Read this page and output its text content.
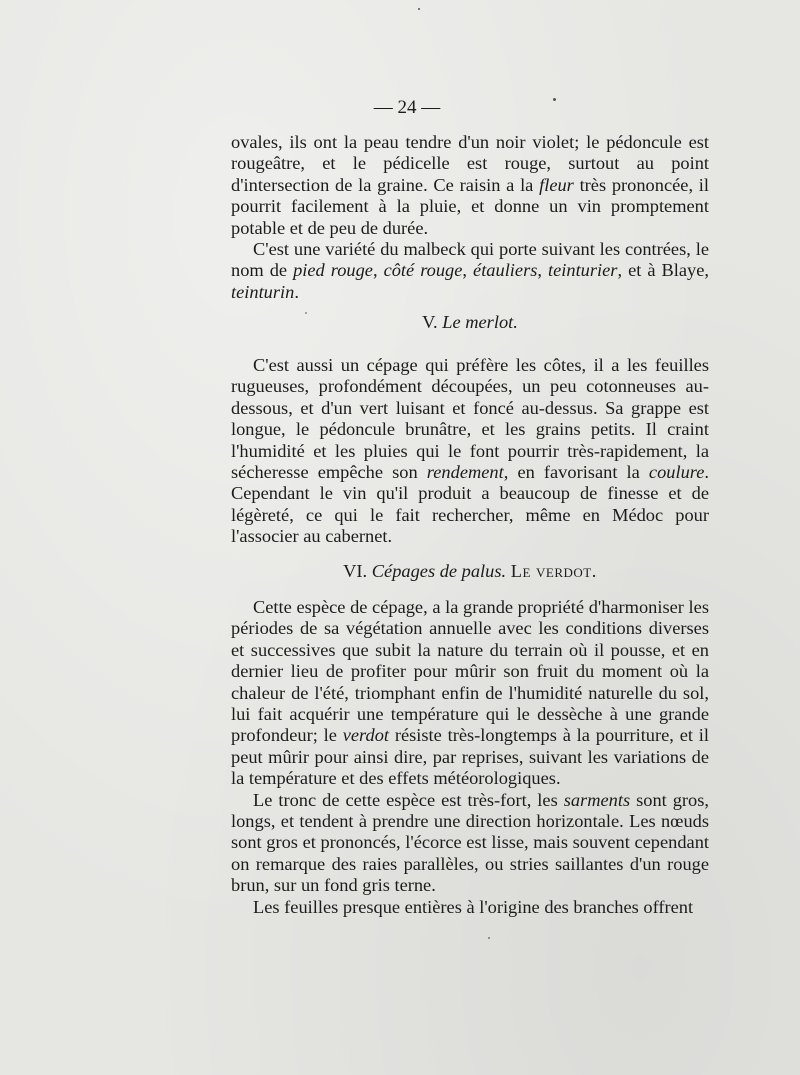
— 24 —

ovales, ils ont la peau tendre d'un noir violet; le pédoncule est rougeâtre, et le pédicelle est rouge, surtout au point d'intersection de la graine. Ce raisin a la fleur très prononcée, il pourrit facilement à la pluie, et donne un vin promptement potable et de peu de durée.

C'est une variété du malbeck qui porte suivant les contrées, le nom de pied rouge, côté rouge, étauliers, teinturier, et à Blaye, teinturin.

V. Le merlot.

C'est aussi un cépage qui préfère les côtes, il a les feuilles rugueuses, profondément découpées, un peu cotonneuses au-dessous, et d'un vert luisant et foncé au-dessus. Sa grappe est longue, le pédoncule brunâtre, et les grains petits. Il craint l'humidité et les pluies qui le font pourrir très-rapidement, la sécheresse empêche son rendement, en favorisant la coulure. Cependant le vin qu'il produit a beaucoup de finesse et de légèreté, ce qui le fait rechercher, même en Médoc pour l'associer au cabernet.

VI. Cépages de palus. Le verdot.

Cette espèce de cépage, a la grande propriété d'harmoniser les périodes de sa végétation annuelle avec les conditions diverses et successives que subit la nature du terrain où il pousse, et en dernier lieu de profiter pour mûrir son fruit du moment où la chaleur de l'été, triomphant enfin de l'humidité naturelle du sol, lui fait acquérir une température qui le dessèche à une grande profondeur; le verdot résiste très-longtemps à la pourriture, et il peut mûrir pour ainsi dire, par reprises, suivant les variations de la température et des effets météorologiques.

Le tronc de cette espèce est très-fort, les sarments sont gros, longs, et tendent à prendre une direction horizontale. Les nœuds sont gros et prononcés, l'écorce est lisse, mais souvent cependant on remarque des raies parallèles, ou stries saillantes d'un rouge brun, sur un fond gris terne.

Les feuilles presque entières à l'origine des branches offrent
